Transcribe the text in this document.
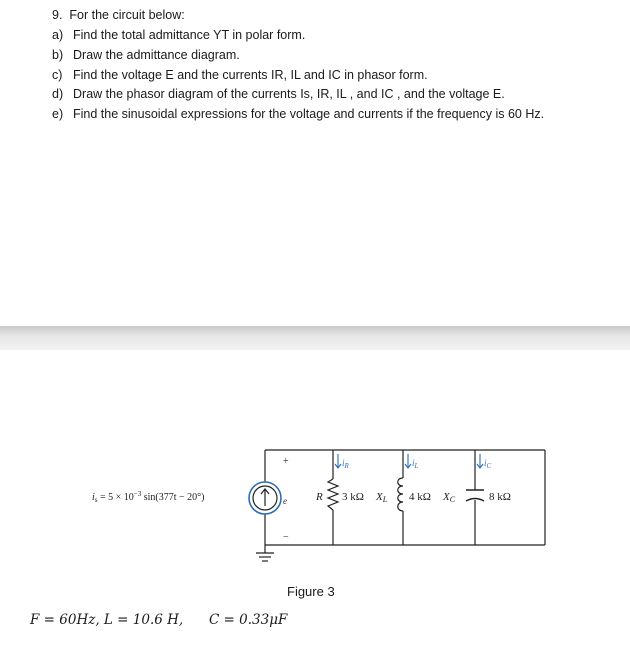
9. For the circuit below:
a) Find the total admittance YT in polar form.
b) Draw the admittance diagram.
c) Find the voltage E and the currents IR, IL and IC in phasor form.
d) Draw the phasor diagram of the currents Is, IR, IL , and IC , and the voltage E.
e) Find the sinusoidal expressions for the voltage and currents if the frequency is 60 Hz.
+
−
e
$i_s = 5 \times 10^{-3}$ sin(377t − 20°)
$i_R$	$i_L$	$i_C$
R 3 kΩ XL 4 kΩ XC	8 kΩ
Figure 3
F = 60Hz, L = 10.6 H, C = 0.33μF
